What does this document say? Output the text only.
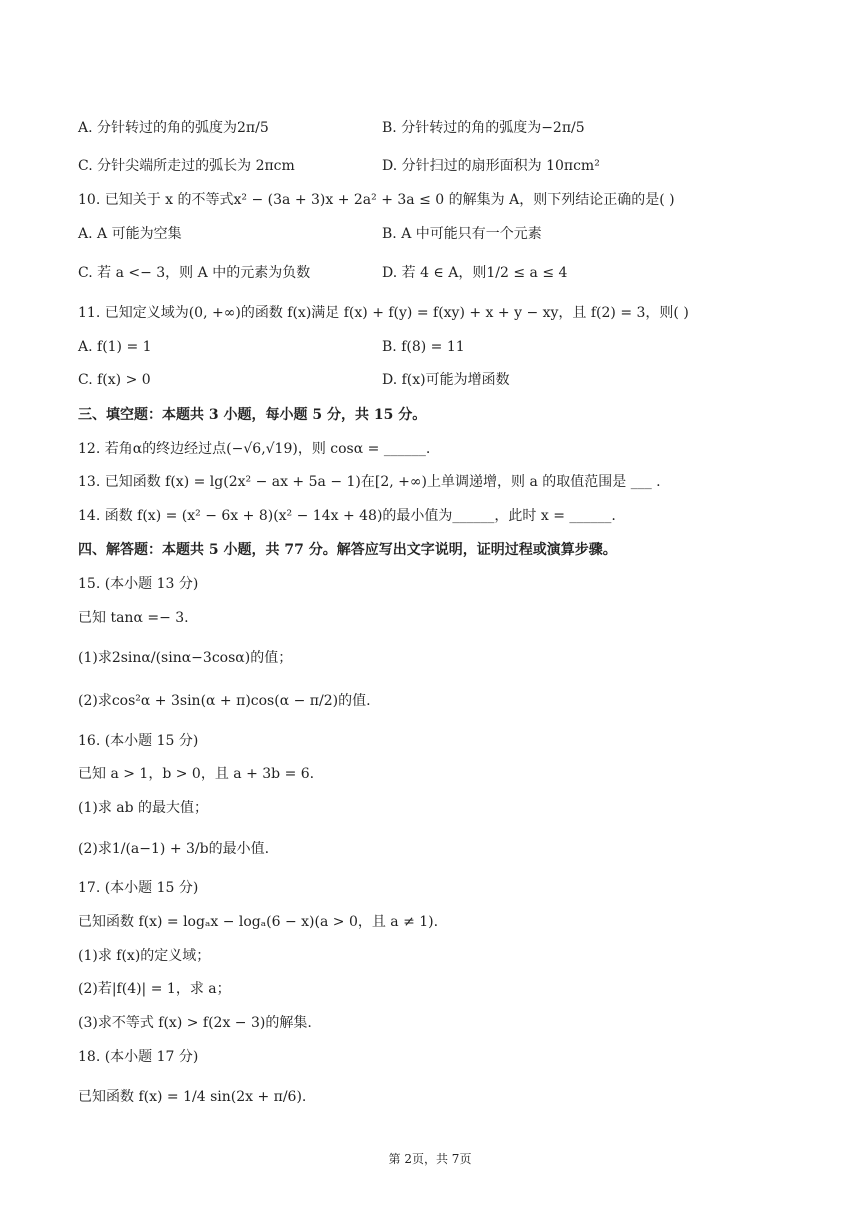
A. 分针转过的角的弧度为2π/5	B. 分针转过的角的弧度为−2π/5
C. 分针尖端所走过的弧长为 2πcm	D. 分针扫过的扇形面积为 10πcm²
10. 已知关于 x 的不等式x² − (3a + 3)x + 2a² + 3a ≤ 0 的解集为 A，则下列结论正确的是( )
A. A 可能为空集	B. A 中可能只有一个元素
C. 若 a <− 3，则 A 中的元素为负数	D. 若 4 ∈ A，则1/2 ≤ a ≤ 4
11. 已知定义域为(0, +∞)的函数 f(x)满足 f(x) + f(y) = f(xy) + x + y − xy，且 f(2) = 3，则( )
A. f(1) = 1	B. f(8) = 11
C. f(x) > 0	D. f(x)可能为增函数
三、填空题：本题共 3 小题，每小题 5 分，共 15 分。
12. 若角α的终边经过点(−√6,√19)，则 cosα = ______.
13. 已知函数 f(x) = lg(2x² − ax + 5a − 1)在[2, +∞)上单调递增，则 a 的取值范围是 ___ .
14. 函数 f(x) = (x² − 6x + 8)(x² − 14x + 48)的最小值为______，此时 x = ______.
四、解答题：本题共 5 小题，共 77 分。解答应写出文字说明，证明过程或演算步骤。
15. (本小题 13 分)
已知 tanα =− 3.
(1)求2sinα/(sinα−3cosα)的值；
(2)求cos²α + 3sin(α + π)cos(α − π/2)的值.
16. (本小题 15 分)
已知 a > 1，b > 0，且 a + 3b = 6.
(1)求 ab 的最大值；
(2)求1/(a−1) + 3/b的最小值.
17. (本小题 15 分)
已知函数 f(x) = logₐx − logₐ(6 − x)(a > 0，且 a ≠ 1).
(1)求 f(x)的定义域；
(2)若|f(4)| = 1，求 a；
(3)求不等式 f(x) > f(2x − 3)的解集.
18. (本小题 17 分)
已知函数 f(x) = 1/4 sin(2x + π/6).
第 2页，共 7页
